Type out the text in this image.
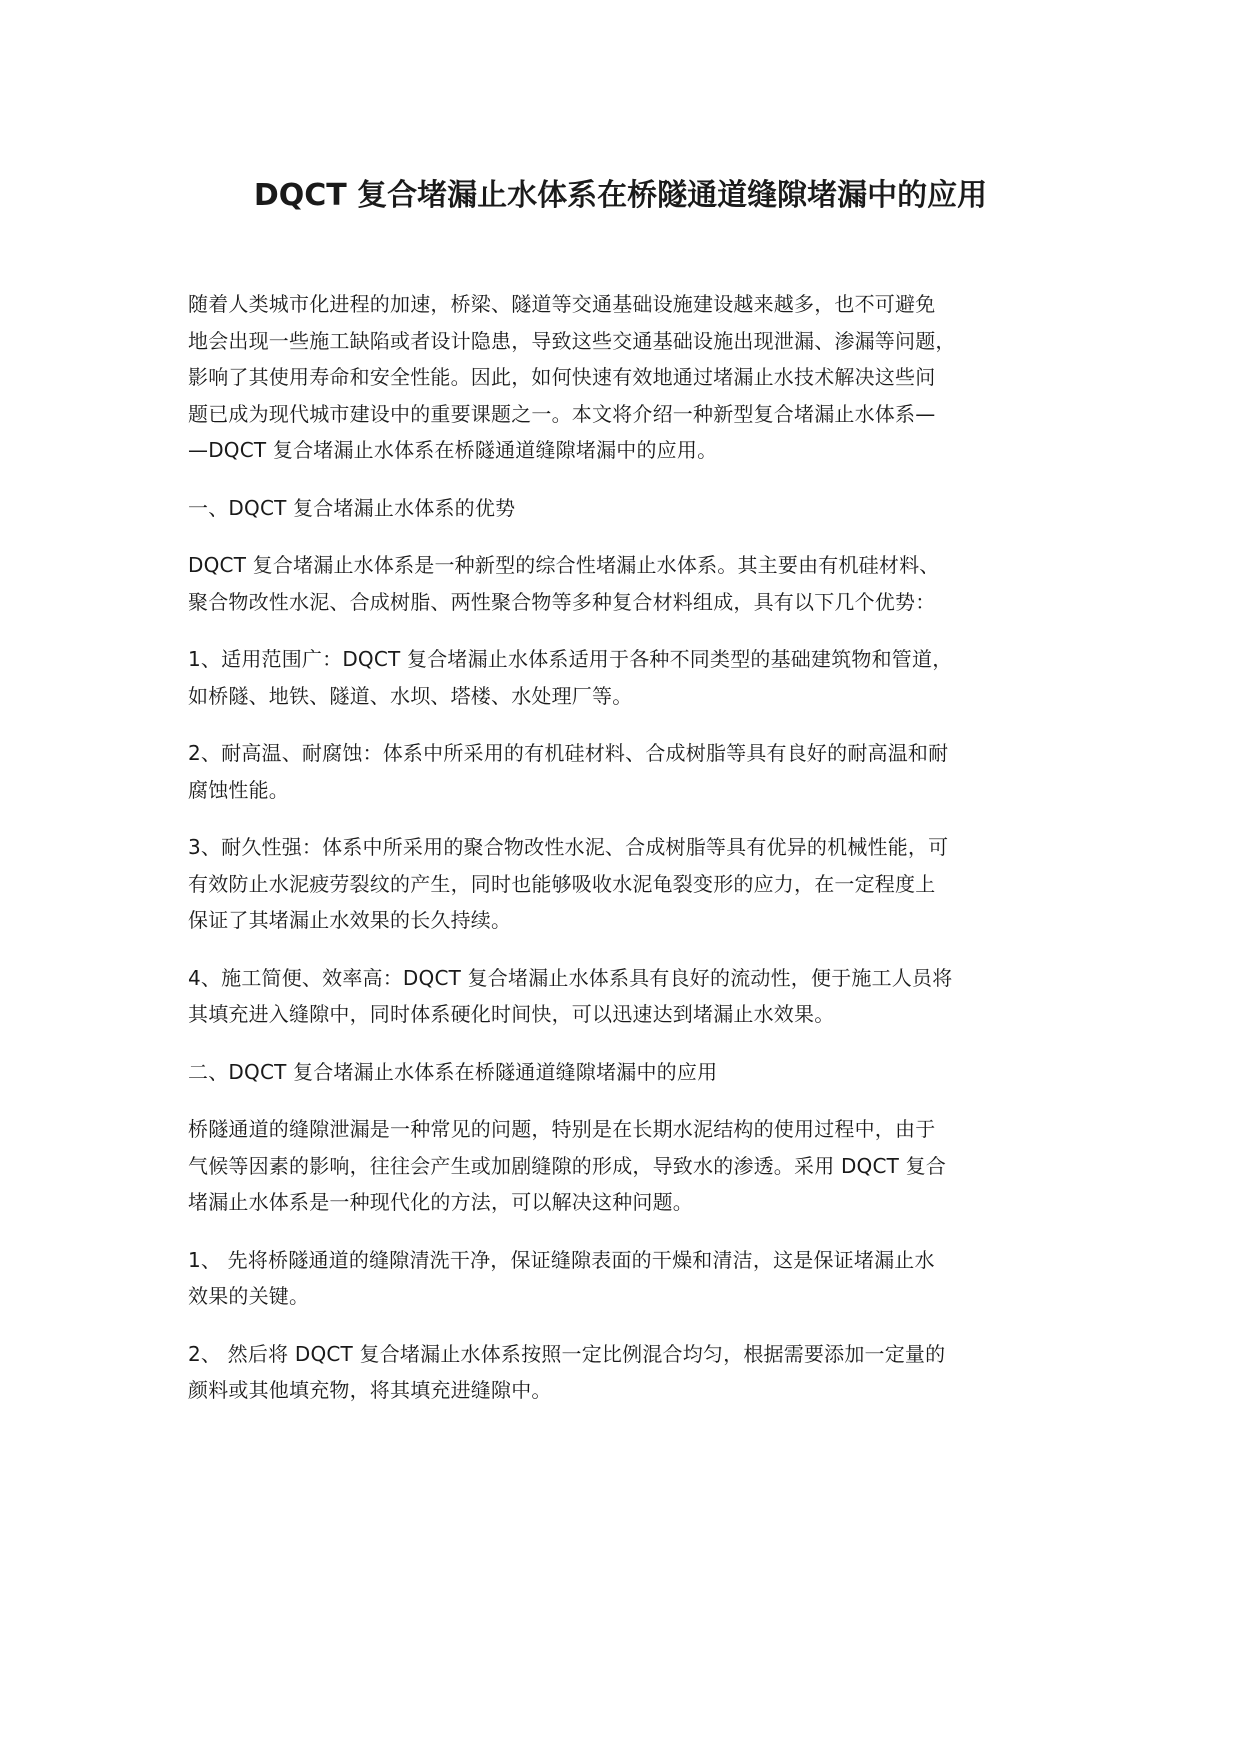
DQCT 复合堵漏止水体系在桥隧通道缝隙堵漏中的应用

随着人类城市化进程的加速，桥梁、隧道等交通基础设施建设越来越多，也不可避免
地会出现一些施工缺陷或者设计隐患，导致这些交通基础设施出现泄漏、渗漏等问题，
影响了其使用寿命和安全性能。因此，如何快速有效地通过堵漏止水技术解决这些问
题已成为现代城市建设中的重要课题之一。本文将介绍一种新型复合堵漏止水体系—
—DQCT 复合堵漏止水体系在桥隧通道缝隙堵漏中的应用。

一、DQCT 复合堵漏止水体系的优势

DQCT 复合堵漏止水体系是一种新型的综合性堵漏止水体系。其主要由有机硅材料、
聚合物改性水泥、合成树脂、两性聚合物等多种复合材料组成，具有以下几个优势：

1、适用范围广：DQCT 复合堵漏止水体系适用于各种不同类型的基础建筑物和管道，
如桥隧、地铁、隧道、水坝、塔楼、水处理厂等。

2、耐高温、耐腐蚀：体系中所采用的有机硅材料、合成树脂等具有良好的耐高温和耐
腐蚀性能。

3、耐久性强：体系中所采用的聚合物改性水泥、合成树脂等具有优异的机械性能，可
有效防止水泥疲劳裂纹的产生，同时也能够吸收水泥龟裂变形的应力，在一定程度上
保证了其堵漏止水效果的长久持续。

4、施工简便、效率高：DQCT 复合堵漏止水体系具有良好的流动性，便于施工人员将
其填充进入缝隙中，同时体系硬化时间快，可以迅速达到堵漏止水效果。

二、DQCT 复合堵漏止水体系在桥隧通道缝隙堵漏中的应用

桥隧通道的缝隙泄漏是一种常见的问题，特别是在长期水泥结构的使用过程中，由于
气候等因素的影响，往往会产生或加剧缝隙的形成，导致水的渗透。采用 DQCT 复合
堵漏止水体系是一种现代化的方法，可以解决这种问题。

1、 先将桥隧通道的缝隙清洗干净，保证缝隙表面的干燥和清洁，这是保证堵漏止水
效果的关键。

2、 然后将 DQCT 复合堵漏止水体系按照一定比例混合均匀，根据需要添加一定量的
颜料或其他填充物，将其填充进缝隙中。
